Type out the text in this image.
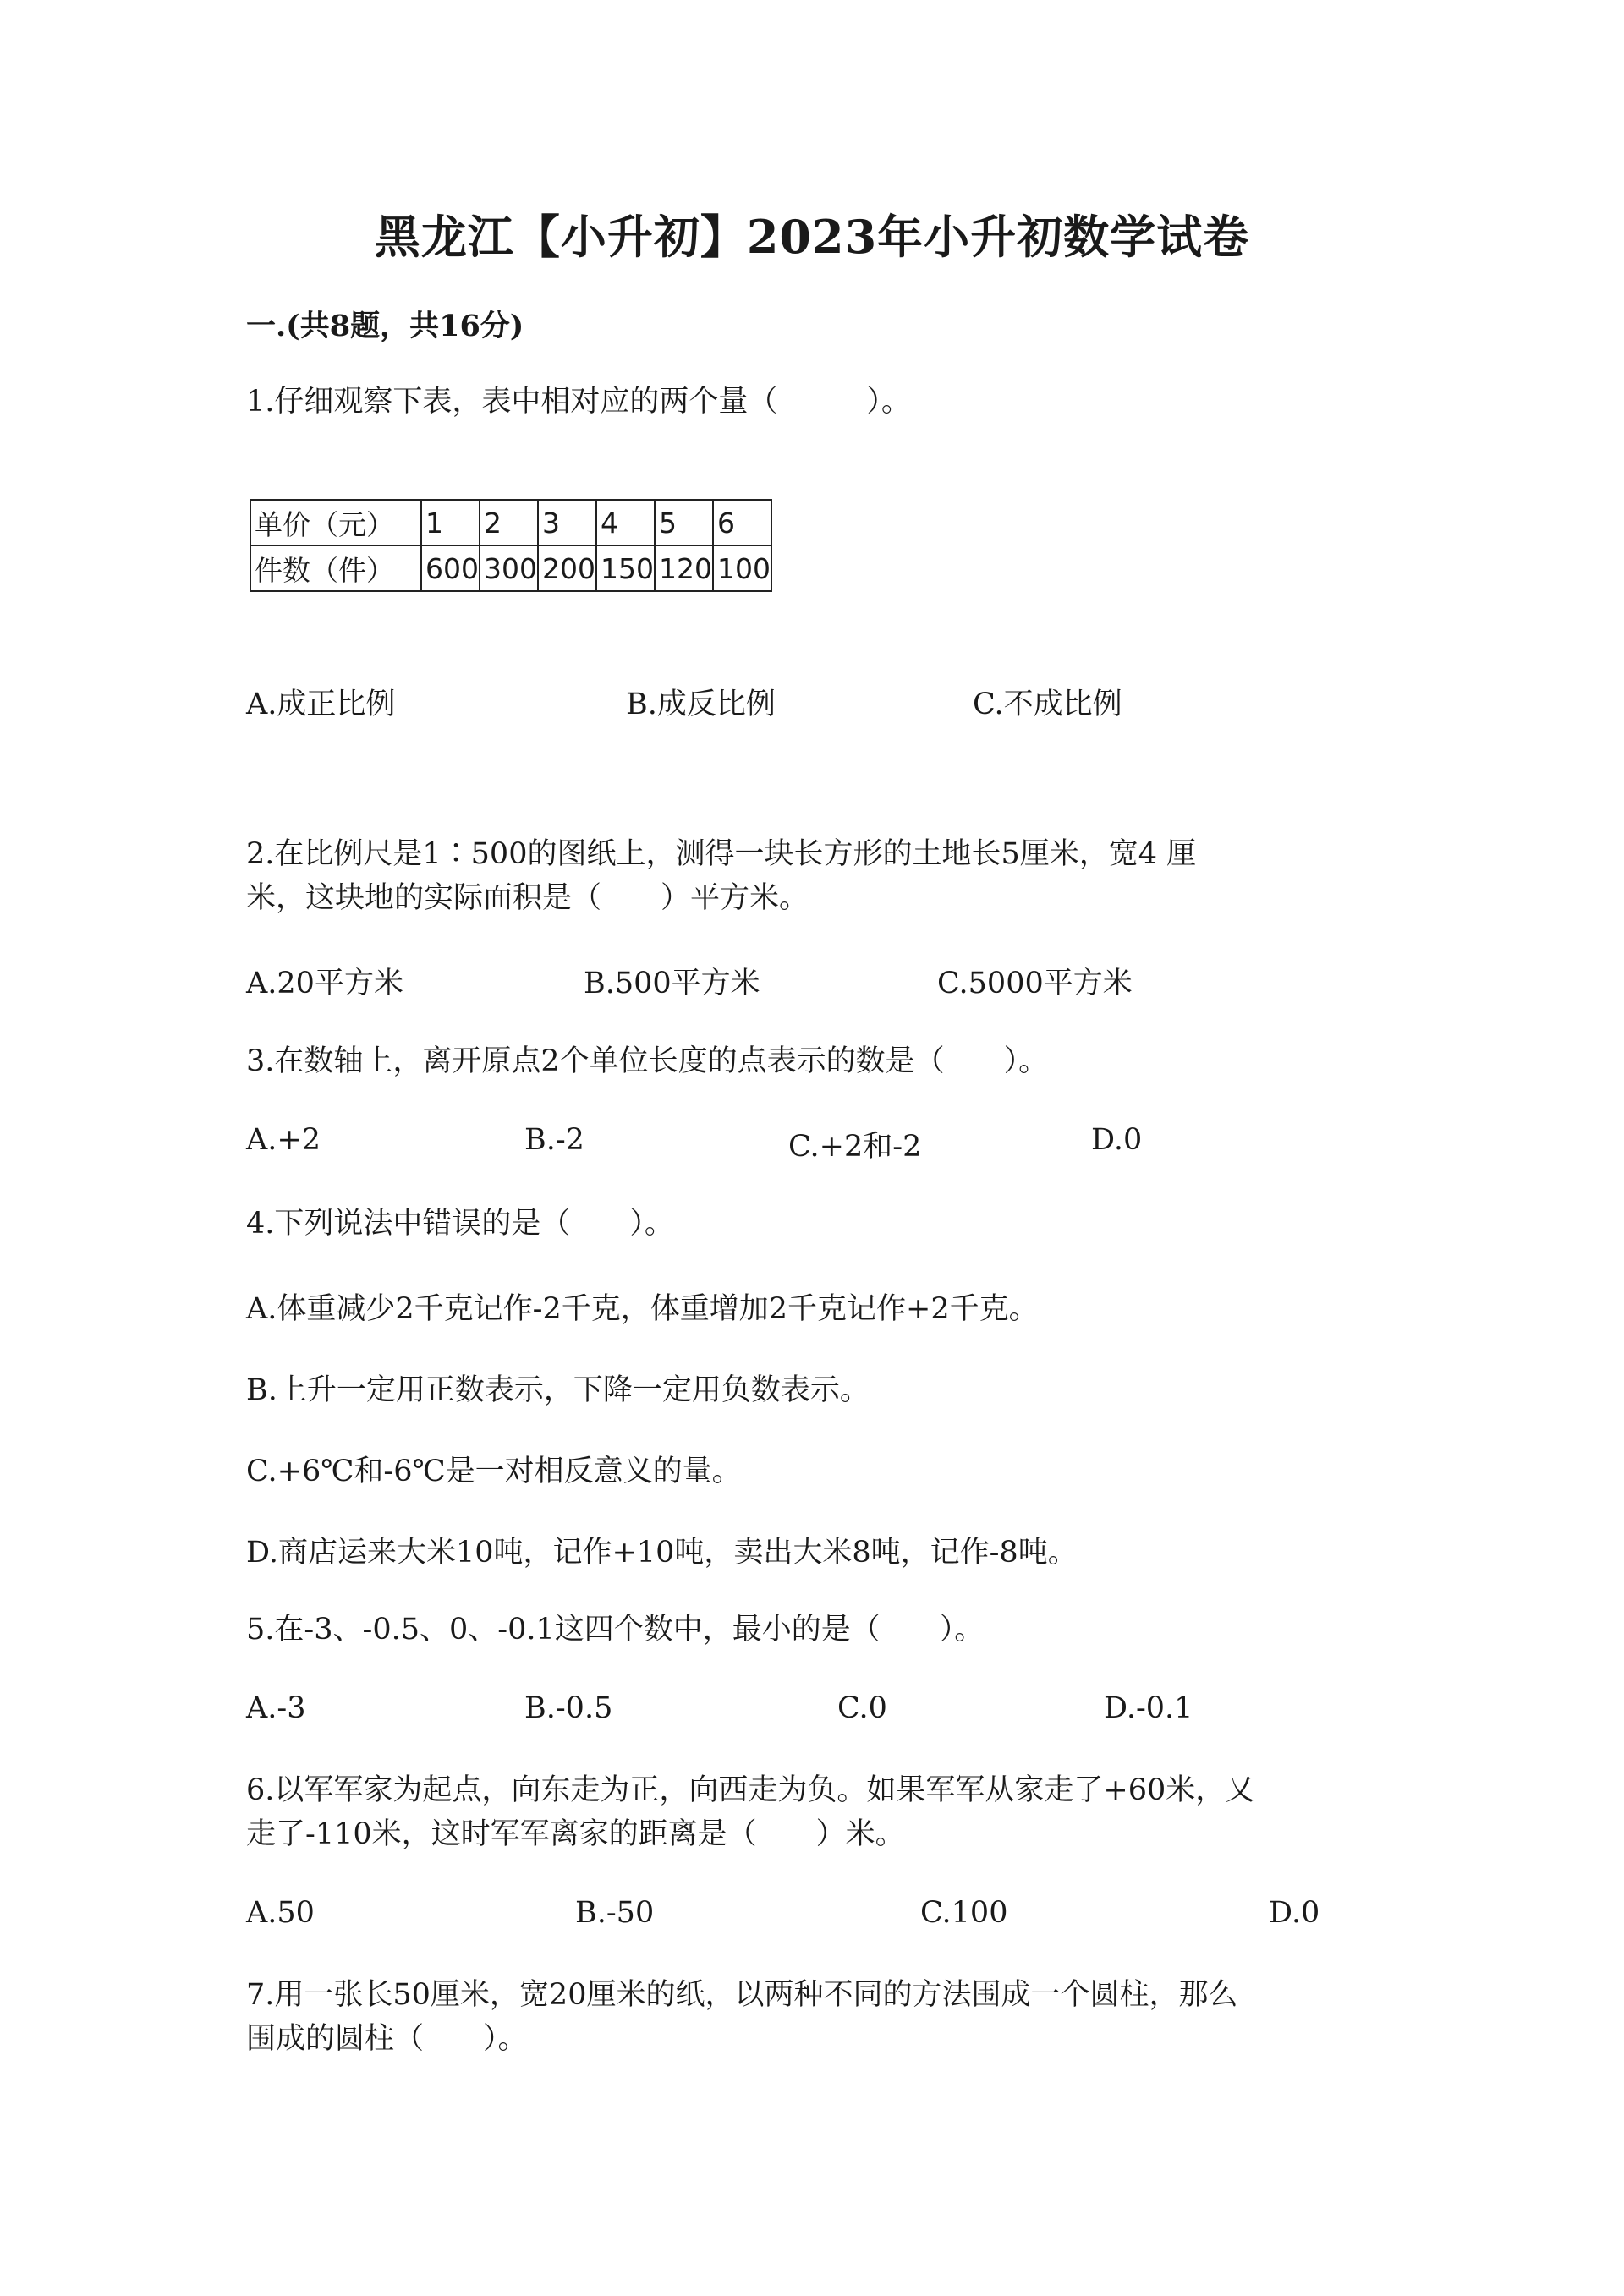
黑龙江【小升初】2023年小升初数学试卷
一.(共8题，共16分)
1.仔细观察下表，表中相对应的两个量（　　　）。
单价（元）	1	2	3	4	5	6
件数（件）	600	300	200	150	120	100
A.成正比例	B.成反比例	C.不成比例
2.在比例尺是1∶500的图纸上，测得一块长方形的土地长5厘米，宽4 厘
米，这块地的实际面积是（　　）平方米。
A.20平方米	B.500平方米	C.5000平方米
3.在数轴上，离开原点2个单位长度的点表示的数是（　　）。
A.+2	B.-2	C.+2和-2	D.0
4.下列说法中错误的是（　　）。
A.体重减少2千克记作-2千克，体重增加2千克记作+2千克。
B.上升一定用正数表示，下降一定用负数表示。
C.+6℃和-6℃是一对相反意义的量。
D.商店运来大米10吨，记作+10吨，卖出大米8吨，记作-8吨。
5.在-3、-0.5、0、-0.1这四个数中，最小的是（　　）。
A.-3	B.-0.5	C.0	D.-0.1
6.以军军家为起点，向东走为正，向西走为负。如果军军从家走了+60米，又
走了-110米，这时军军离家的距离是（　　）米。
A.50	B.-50	C.100	D.0
7.用一张长50厘米，宽20厘米的纸，以两种不同的方法围成一个圆柱，那么
围成的圆柱（　　）。
